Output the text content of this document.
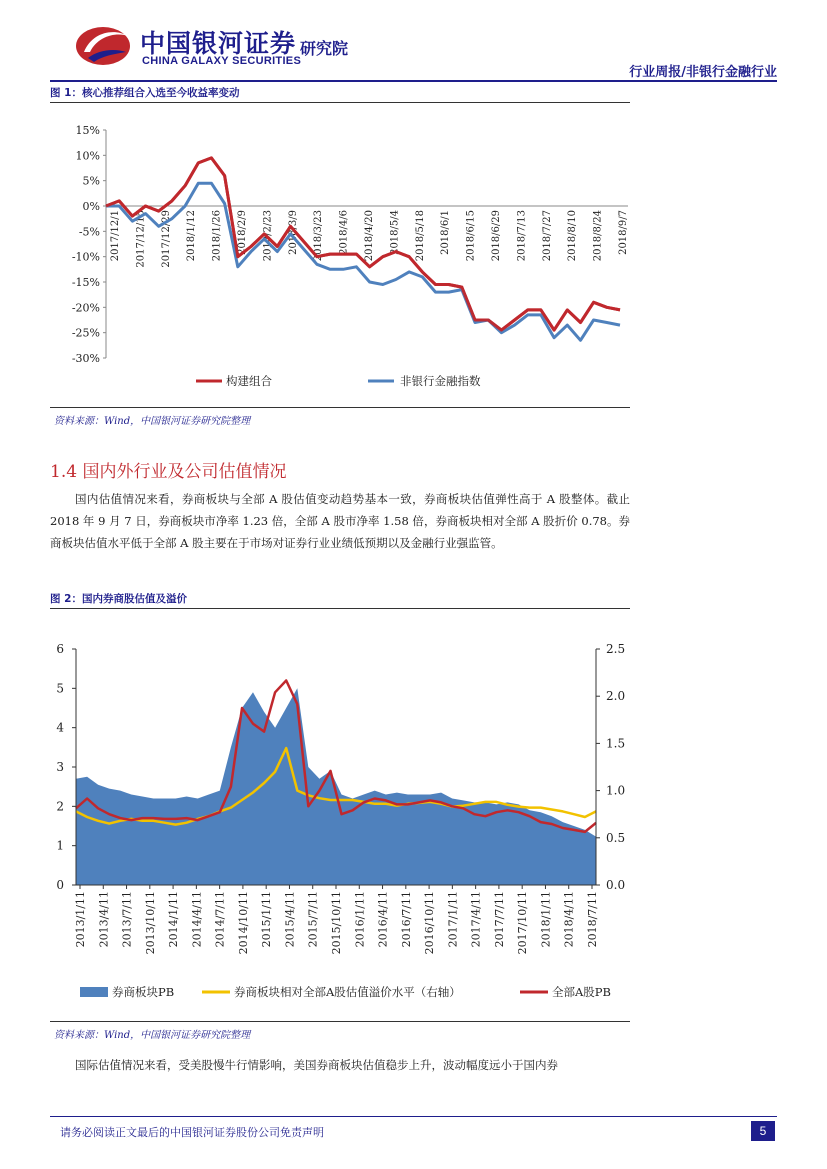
中国银河证券
CHINA GALAXY SECURITIES
研究院
行业周报/非银行金融行业
图 1：核心推荐组合入选至今收益率变动
15%
10%
5%
0%
-5%
-10%
-15%
-20%
-25%
-30%
2017/12/1 2017/12/15 2017/12/29 2018/1/12 2018/1/26 2018/2/9 2018/2/23 2018/3/9 2018/3/23 2018/4/6 2018/4/20 2018/5/4 2018/5/18 2018/6/1 2018/6/15 2018/6/29 2018/7/13 2018/7/27 2018/8/10 2018/8/24 2018/9/7
构建组合	非银行金融指数
资料来源：Wind，中国银河证券研究院整理
1.4 国内外行业及公司估值情况
国内估值情况来看，券商板块与全部 A 股估值变动趋势基本一致，券商板块估值弹性高于 A 股整体。截止 2018 年 9 月 7 日，券商板块市净率 1.23 倍，全部 A 股市净率 1.58 倍，券商板块相对全部 A 股折价 0.78。券商板块估值水平低于全部 A 股主要在于市场对证券行业业绩低预期以及金融行业强监管。
图 2：国内券商股估值及溢价
0
1
2
3
4
5
6
0.0
0.5
1.0
1.5
2.0
2.5
2013/1/11 2013/4/11 2013/7/11 2013/10/11 2014/1/11 2014/4/11 2014/7/11 2014/10/11 2015/1/11 2015/4/11 2015/7/11 2015/10/11 2016/1/11 2016/4/11 2016/7/11 2016/10/11 2017/1/11 2017/4/11 2017/7/11 2017/10/11 2018/1/11 2018/4/11 2018/7/11
券商板块PB	券商板块相对全部A股估值溢价水平（右轴）	全部A股PB
资料来源：Wind，中国银河证券研究院整理
国际估值情况来看，受美股慢牛行情影响，美国券商板块估值稳步上升，波动幅度远小于国内券
请务必阅读正文最后的中国银河证券股份公司免责声明	5
